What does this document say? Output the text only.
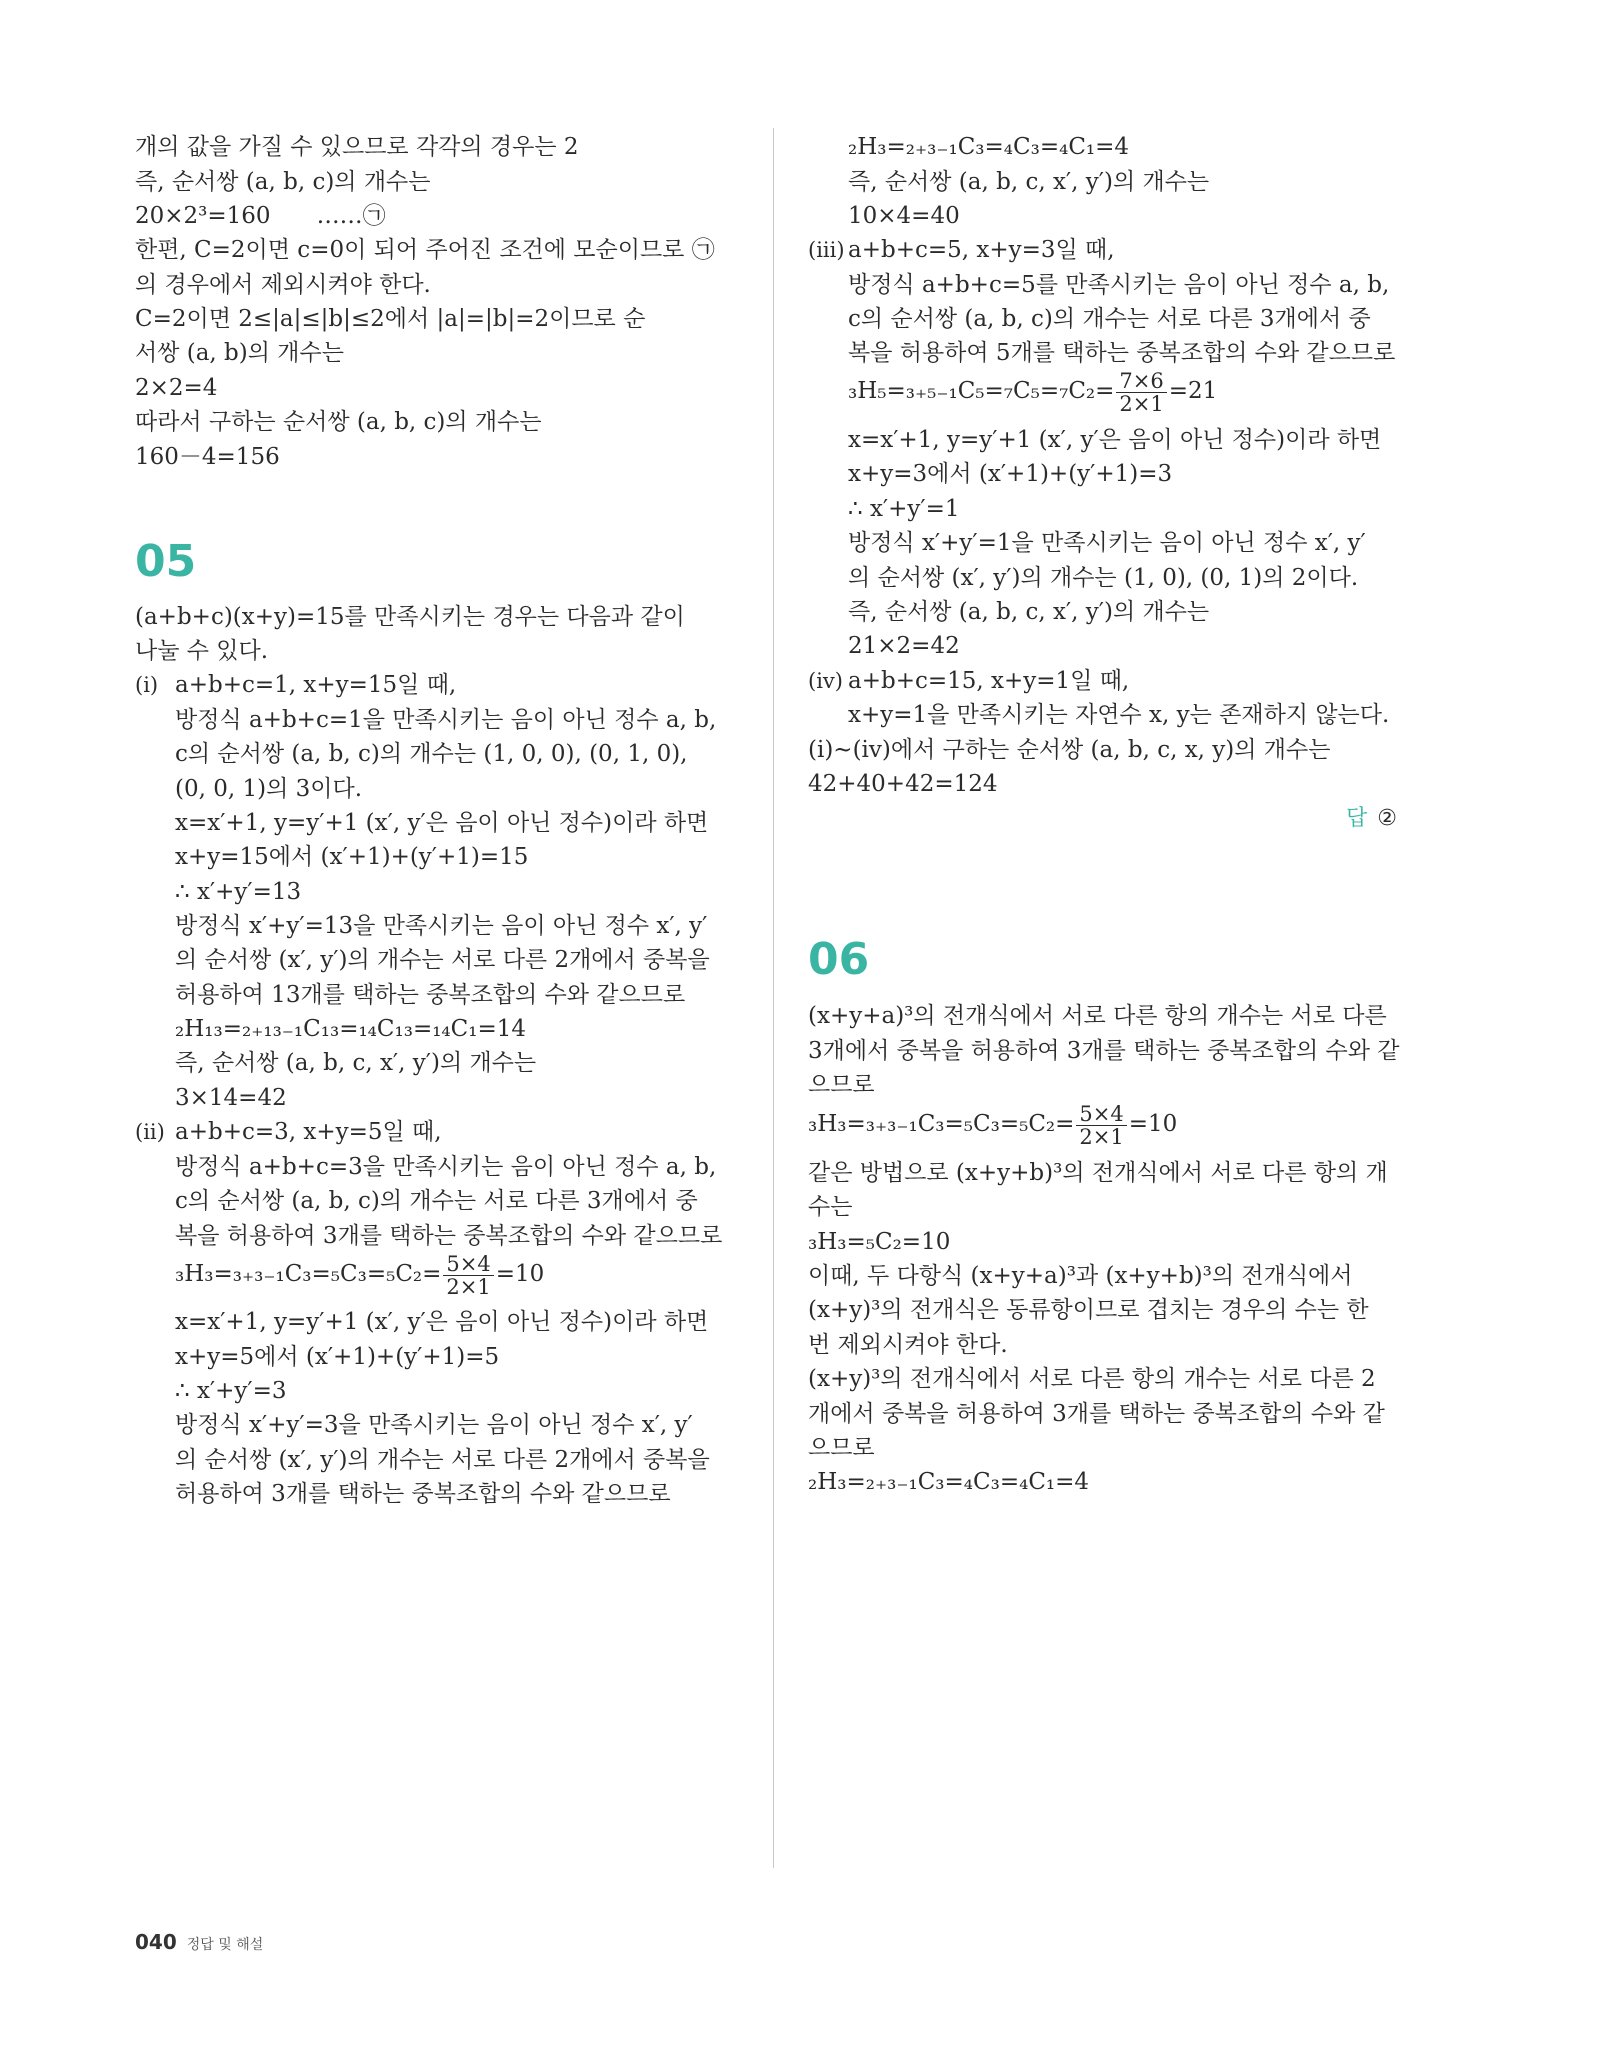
개의 값을 가질 수 있으므로 각각의 경우는 2
즉, 순서쌍 (a, b, c)의 개수는
20×2³=160　　……㉠
한편, C=2이면 c=0이 되어 주어진 조건에 모순이므로 ㉠
의 경우에서 제외시켜야 한다.
C=2이면 2≤|a|≤|b|≤2에서 |a|=|b|=2이므로 순
서쌍 (a, b)의 개수는
2×2=4
따라서 구하는 순서쌍 (a, b, c)의 개수는
160－4=156
05
(a+b+c)(x+y)=15를 만족시키는 경우는 다음과 같이
나눌 수 있다.
(i) a+b+c=1, x+y=15일 때,
방정식 a+b+c=1을 만족시키는 음이 아닌 정수 a, b,
c의 순서쌍 (a, b, c)의 개수는 (1, 0, 0), (0, 1, 0),
(0, 0, 1)의 3이다.
x=x′+1, y=y′+1 (x′, y′은 음이 아닌 정수)이라 하면
x+y=15에서 (x′+1)+(y′+1)=15
∴ x′+y′=13
방정식 x′+y′=13을 만족시키는 음이 아닌 정수 x′, y′
의 순서쌍 (x′, y′)의 개수는 서로 다른 2개에서 중복을
허용하여 13개를 택하는 중복조합의 수와 같으므로
₂H₁₃=₂₊₁₃₋₁C₁₃=₁₄C₁₃=₁₄C₁=14
즉, 순서쌍 (a, b, c, x′, y′)의 개수는
3×14=42
(ii) a+b+c=3, x+y=5일 때,
방정식 a+b+c=3을 만족시키는 음이 아닌 정수 a, b,
c의 순서쌍 (a, b, c)의 개수는 서로 다른 3개에서 중
복을 허용하여 3개를 택하는 중복조합의 수와 같으므로
$_3H_3=_{3+3-1}C_3=_5C_3=_5C_2= \frac{5\times 4}{2\times 1} =10$
x=x′+1, y=y′+1 (x′, y′은 음이 아닌 정수)이라 하면
x+y=5에서 (x′+1)+(y′+1)=5
∴ x′+y′=3
방정식 x′+y′=3을 만족시키는 음이 아닌 정수 x′, y′
의 순서쌍 (x′, y′)의 개수는 서로 다른 2개에서 중복을
허용하여 3개를 택하는 중복조합의 수와 같으므로
₂H₃=₂₊₃₋₁C₃=₄C₃=₄C₁=4
즉, 순서쌍 (a, b, c, x′, y′)의 개수는
10×4=40
(iii) a+b+c=5, x+y=3일 때,
방정식 a+b+c=5를 만족시키는 음이 아닌 정수 a, b,
c의 순서쌍 (a, b, c)의 개수는 서로 다른 3개에서 중
복을 허용하여 5개를 택하는 중복조합의 수와 같으므로
$_3H_5=_{3+5-1}C_5=_7C_5=_7C_2= \frac{7\times 6}{2\times 1} =21$
x=x′+1, y=y′+1 (x′, y′은 음이 아닌 정수)이라 하면
x+y=3에서 (x′+1)+(y′+1)=3
∴ x′+y′=1
방정식 x′+y′=1을 만족시키는 음이 아닌 정수 x′, y′
의 순서쌍 (x′, y′)의 개수는 (1, 0), (0, 1)의 2이다.
즉, 순서쌍 (a, b, c, x′, y′)의 개수는
21×2=42
(iv) a+b+c=15, x+y=1일 때,
x+y=1을 만족시키는 자연수 x, y는 존재하지 않는다.
(i)~(iv)에서 구하는 순서쌍 (a, b, c, x, y)의 개수는
42+40+42=124
답 ②
06
(x+y+a)³의 전개식에서 서로 다른 항의 개수는 서로 다른
3개에서 중복을 허용하여 3개를 택하는 중복조합의 수와 같
으므로
$_3H_3=_{3+3-1}C_3=_5C_3=_5C_2= \frac{5\times 4}{2\times 1} =10$
같은 방법으로 (x+y+b)³의 전개식에서 서로 다른 항의 개
수는
₃H₃=₅C₂=10
이때, 두 다항식 (x+y+a)³과 (x+y+b)³의 전개식에서
(x+y)³의 전개식은 동류항이므로 겹치는 경우의 수는 한
번 제외시켜야 한다.
(x+y)³의 전개식에서 서로 다른 항의 개수는 서로 다른 2
개에서 중복을 허용하여 3개를 택하는 중복조합의 수와 같
으므로
₂H₃=₂₊₃₋₁C₃=₄C₃=₄C₁=4
040 정답 및 해설
